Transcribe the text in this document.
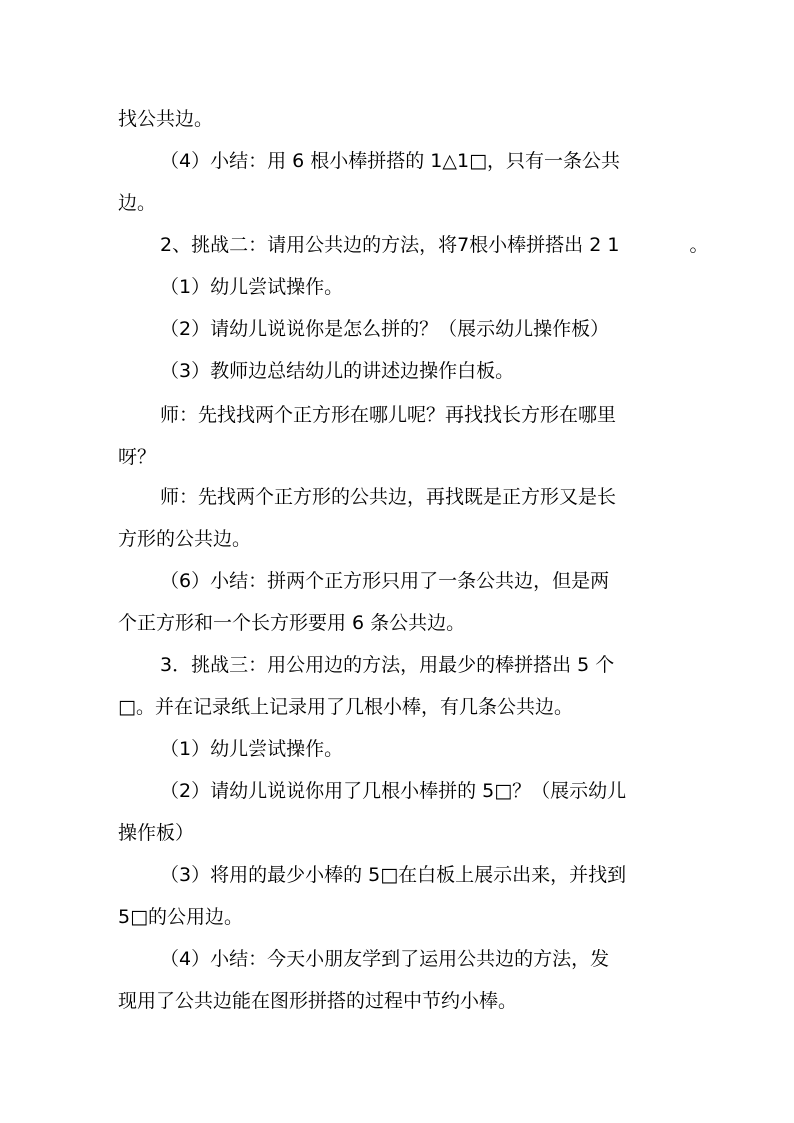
找公共边。

（4）小结：用 6 根小棒拼搭的 1△1□，只有一条公共
边。

2、挑战二：请用公共边的方法，将7根小棒拼搭出 2 1	。

（1）幼儿尝试操作。

（2）请幼儿说说你是怎么拼的？（展示幼儿操作板）

（3）教师边总结幼儿的讲述边操作白板。

师：先找找两个正方形在哪儿呢？再找找长方形在哪里
呀？

师：先找两个正方形的公共边，再找既是正方形又是长
方形的公共边。

（6）小结：拼两个正方形只用了一条公共边，但是两
个正方形和一个长方形要用 6 条公共边。

3．挑战三：用公用边的方法，用最少的棒拼搭出 5 个
□。并在记录纸上记录用了几根小棒，有几条公共边。

（1）幼儿尝试操作。

（2）请幼儿说说你用了几根小棒拼的 5□？（展示幼儿
操作板）

（3）将用的最少小棒的 5□在白板上展示出来，并找到
5□的公用边。

（4）小结：今天小朋友学到了运用公共边的方法，发
现用了公共边能在图形拼搭的过程中节约小棒。
